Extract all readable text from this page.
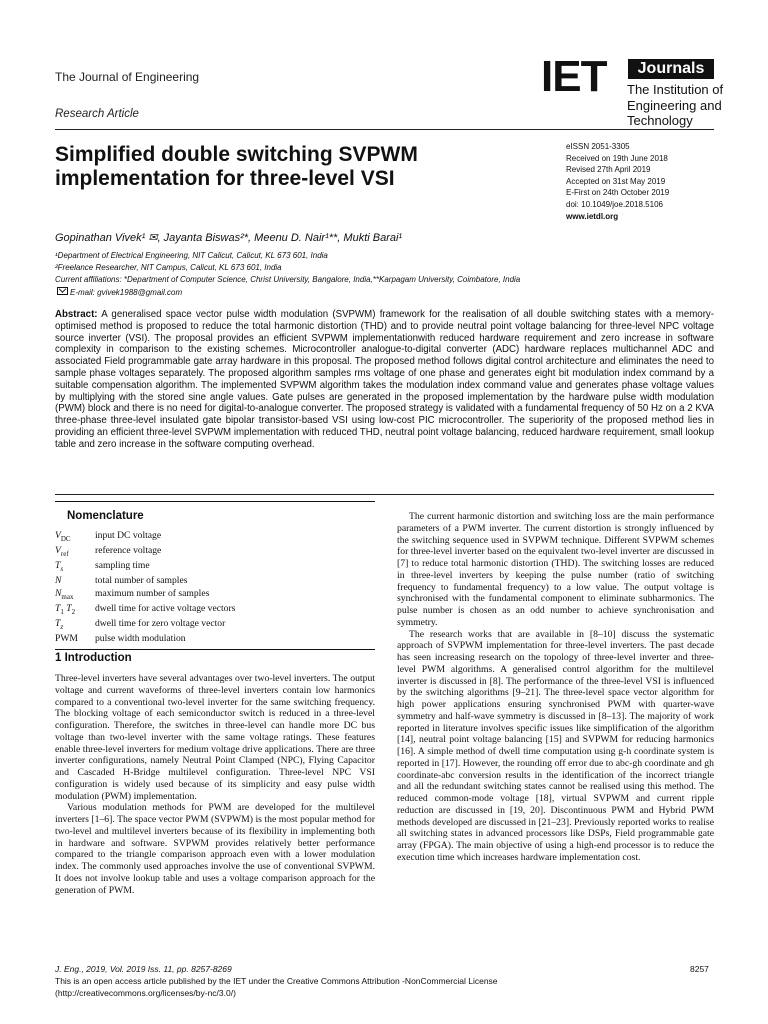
The Journal of Engineering
Research Article
IET	Journals
The Institution of
Engineering and Technology
Simplified double switching SVPWM implementation for three-level VSI
eISSN 2051-3305
Received on 19th June 2018
Revised 27th April 2019
Accepted on 31st May 2019
E-First on 24th October 2019
doi: 10.1049/joe.2018.5106
www.ietdl.org
Gopinathan Vivek¹ ✉, Jayanta Biswas²*, Meenu D. Nair¹**, Mukti Barai¹
¹Department of Electrical Engineering, NIT Calicut, Calicut, KL 673 601, India
²Freelance Researcher, NIT Campus, Calicut, KL 673 601, India
Current affiliations: *Department of Computer Science, Christ University, Bangalore, India,**Karpagam University, Coimbatore, India
E-mail: gvivek1988@gmail.com
Abstract: A generalised space vector pulse width modulation (SVPWM) framework for the realisation of all double switching states with a memory-optimised method is proposed to reduce the total harmonic distortion (THD) and to provide neutral point voltage balancing for three-level NPC voltage source inverter (VSI). The proposal provides an efficient SVPWM implementationwith reduced hardware requirement and zero increase in software complexity in comparison to the existing schemes. Microcontroller analogue-to-digital converter (ADC) hardware replaces multichannel ADC and associated Field programmable gate array hardware in this proposal. The proposed method follows digital control architecture and eliminates the need to sample phase voltages separately. The proposed algorithm samples rms voltage of one phase and generates eight bit modulation index command by a suitable compensation algorithm. The implemented SVPWM algorithm takes the modulation index command value and generates phase voltage values by multiplying with the stored sine angle values. Gate pulses are generated in the proposed implementation by the hardware pulse width modulation (PWM) block and there is no need for digital-to-analogue converter. The proposed strategy is validated with a fundamental frequency of 50 Hz on a 2 KVA three-phase three-level insulated gate bipolar transistor-based VSI using low-cost PIC microcontroller. The superiority of the proposed method lies in providing an efficient three-level SVPWM implementation with reduced THD, neutral point voltage balancing, reduced hardware requirement, small lookup table and zero increase in the software computing overhead.
Nomenclature
$V_{DC}$	input DC voltage
$V_{ref}$	reference voltage
$T_s$	sampling time
N	total number of samples
$N_{max}$	maximum number of samples
$T_1$ $T_2$	dwell time for active voltage vectors
$T_z$	dwell time for zero voltage vector
PWM	pulse width modulation
1 Introduction

Three-level inverters have several advantages over two-level inverters. The output voltage and current waveforms of three-level inverters contain low harmonics compared to a conventional two-level inverter for the same switching frequency. The blocking voltage of each semiconductor switch is reduced in a three-level configuration. Therefore, the switches in three-level can handle more DC bus voltage than two-level inverter with the same voltage ratings. These features enable three-level inverters for medium voltage drive applications. There are three inverter configurations, namely Neutral Point Clamped (NPC), Flying Capacitor and Cascaded H-Bridge multilevel configuration. Three-level NPC VSI configuration is widely used because of its simplicity and easy pulse width modulation (PWM) implementation.

Various modulation methods for PWM are developed for the multilevel inverters [1–6]. The space vector PWM (SVPWM) is the most popular method for two-level and multilevel inverters because of its flexibility in implementing both in hardware and software. SVPWM provides relatively better performance compared to the triangle comparison approach even with a lower modulation index. The commonly used approaches involve the use of conventional SVPWM. It does not involve lookup table and uses a voltage comparison approach for the generation of PWM.

The current harmonic distortion and switching loss are the main performance parameters of a PWM inverter. The current distortion is strongly influenced by the switching sequence used in SVPWM technique. Different SVPWM schemes for three-level inverter based on the equivalent two-level inverter are discussed in [7] to reduce total harmonic distortion (THD). The switching losses are reduced in three-level inverters by keeping the pulse number (ratio of switching frequency to fundamental frequency) to a low value. The output voltage is synchronised with the fundamental component to eliminate subharmonics. The pulse number is chosen as an odd number to achieve synchronisation and symmetry.

The research works that are available in [8–10] discuss the systematic approach of SVPWM implementation for three-level inverters. The past decade has seen increasing research on the topology of three-level inverter and three-level PWM algorithms. A generalised control algorithm for the multilevel inverter is discussed in [8]. The performance of the three-level VSI is influenced by the switching algorithms [9–21]. The three-level space vector algorithm for high power applications ensuring synchronised PWM with quarter-wave symmetry and half-wave symmetry is discussed in [8–13]. The majority of work reported in literature involves specific issues like simplification of the algorithm [14], neutral point voltage balancing [15] and SVPWM for reducing harmonics [16]. A simple method of dwell time computation using g-h coordinate system is reported in [17]. However, the rounding off error due to abc-gh coordinate and gh coordinate-abc conversion results in the identification of the incorrect triangle and all the redundant switching states cannot be realised using this method. The reduced common-mode voltage [18], virtual SVPWM and current ripple reduction are discussed in [19, 20]. Discontinuous PWM and Hybrid PWM methods developed are discussed in [21–23]. Previously reported works to realise all switching states in advanced processors like DSPs, Field programmable gate array (FPGA). The main objective of using a high-end processor is to reduce the execution time which increases hardware implementation cost.

J. Eng., 2019, Vol. 2019 Iss. 11, pp. 8257-8269	8257
This is an open access article published by the IET under the Creative Commons Attribution -NonCommercial License
(http://creativecommons.org/licenses/by-nc/3.0/)
